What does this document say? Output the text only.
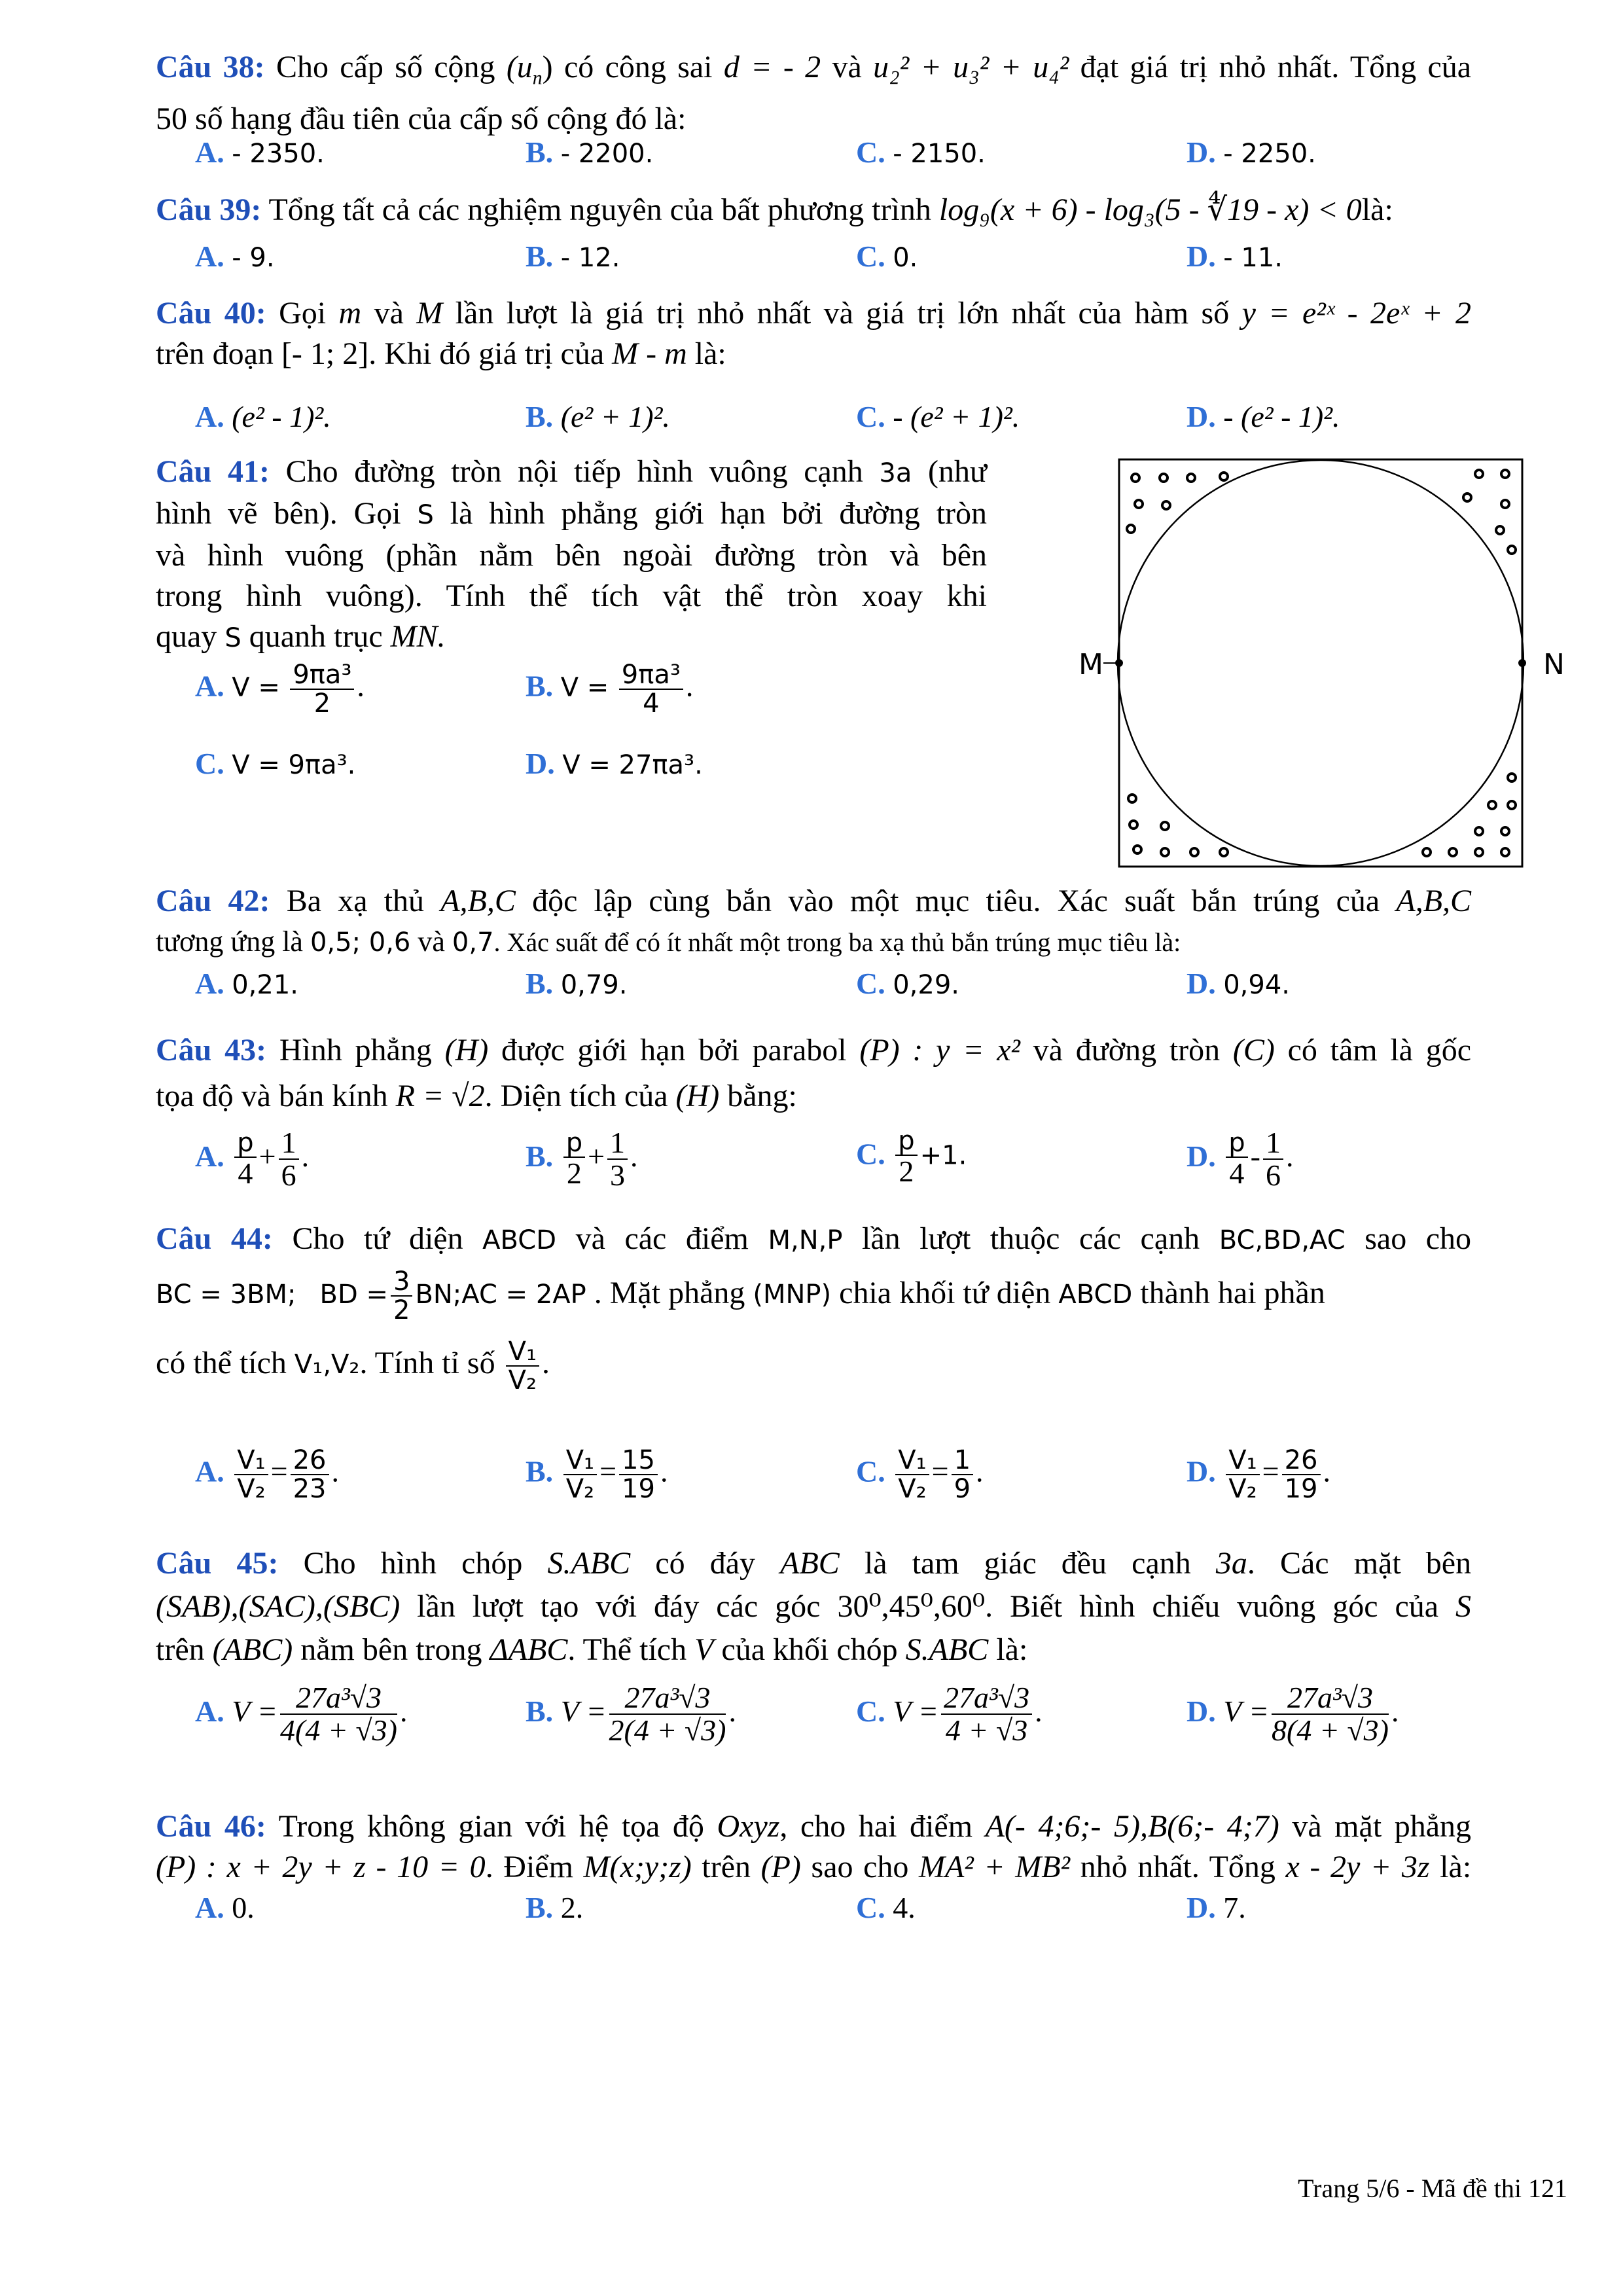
Câu 38: Cho cấp số cộng $(u_n)$ có công sai d = - 2 và u₂² + u₃² + u₄² đạt giá trị nhỏ nhất. Tổng của
50 số hạng đầu tiên của cấp số cộng đó là:
A. - 2350.	B. - 2200.	C. - 2150.	D. - 2250.
Câu 39: Tổng tất cả các nghiệm nguyên của bất phương trình log₉(x + 6) - log₃(5 - ∜19 - x) < 0là:
A. - 9.	B. - 12.	C. 0.	D. - 11.
Câu 40: Gọi m và M lần lượt là giá trị nhỏ nhất và giá trị lớn nhất của hàm số y = e²ˣ - 2eˣ + 2
trên đoạn [- 1; 2]. Khi đó giá trị của M - m là:
A. (e² - 1)².	B. (e² + 1)².	C. - (e² + 1)².	D. - (e² - 1)².
Câu 41: Cho đường tròn nội tiếp hình vuông cạnh 3a (như
hình vẽ bên). Gọi S là hình phẳng giới hạn bởi đường tròn
và hình vuông (phần nằm bên ngoài đường tròn và bên
trong hình vuông). Tính thể tích vật thể tròn xoay khi
quay S quanh trục MN.
A. $V = \frac{\text{9πa³}}{2}$ .	B. $V = \frac{\text{9πa³}}{4}$ .
C. V = 9πa³.	D. V = 27πa³.
M	N
Câu 42: Ba xạ thủ A,B,C độc lập cùng bắn vào một mục tiêu. Xác suất bắn trúng của A,B,C
tương ứng là 0,5; 0,6 và 0,7. Xác suất để có ít nhất một trong ba xạ thủ bắn trúng mục tiêu là:
A. 0,21.	B. 0,79.	C. 0,29.	D. 0,94.
Câu 43: Hình phẳng (H) được giới hạn bởi parabol (P) : y = x² và đường tròn (C) có tâm là gốc
tọa độ và bán kính R = √2. Diện tích của (H) bằng:
A. $\frac{p}{4} + \frac{1}{6}$ .	B. $\frac{p}{2} + \frac{1}{3}$ .	C. $\frac{p}{2} +1$.	D. $\frac{p}{4} - \frac{1}{6}$ .
Câu 44: Cho tứ diện ABCD và các điểm M,N,P lần lượt thuộc các cạnh BC,BD,AC sao cho
BC = 3BM; BD = $\frac{3}{2}$ BN;AC = 2AP . Mặt phẳng (MNP) chia khối tứ diện ABCD thành hai phần
có thể tích V₁,V₂. Tính tỉ số $\frac{\text{V₁}}{\text{V₂}}$ .
A. $\frac{\text{V₁}}{\text{V₂}} = \frac{26}{23}$ .	B. $\frac{\text{V₁}}{\text{V₂}} = \frac{15}{19}$ .	C. $\frac{\text{V₁}}{\text{V₂}} = \frac{1}{9}$ .	D. $\frac{\text{V₁}}{\text{V₂}} = \frac{26}{19}$ .
Câu 45: Cho hình chóp S.ABC có đáy ABC là tam giác đều cạnh 3a. Các mặt bên
(SAB),(SAC),(SBC) lần lượt tạo với đáy các góc 30⁰,45⁰,60⁰. Biết hình chiếu vuông góc của S
trên (ABC) nằm bên trong ΔABC. Thể tích V của khối chóp S.ABC là:
A. $V = \frac{\text{27a³√3}}{4(4 + √3)}$ .	B. $V = \frac{\text{27a³√3}}{2(4 + √3)}$ .	C. $V = \frac{\text{27a³√3}}{4 + √3}$ .	D. $V = \frac{\text{27a³√3}}{8(4 + √3)}$ .
Câu 46: Trong không gian với hệ tọa độ Oxyz, cho hai điểm A(- 4;6;- 5),B(6;- 4;7) và mặt phẳng
(P) : x + 2y + z - 10 = 0. Điểm M(x;y;z) trên (P) sao cho MA² + MB² nhỏ nhất. Tổng x - 2y + 3z là:
A. 0.	B. 2.	C. 4.	D. 7.
Trang 5/6 - Mã đề thi 121
